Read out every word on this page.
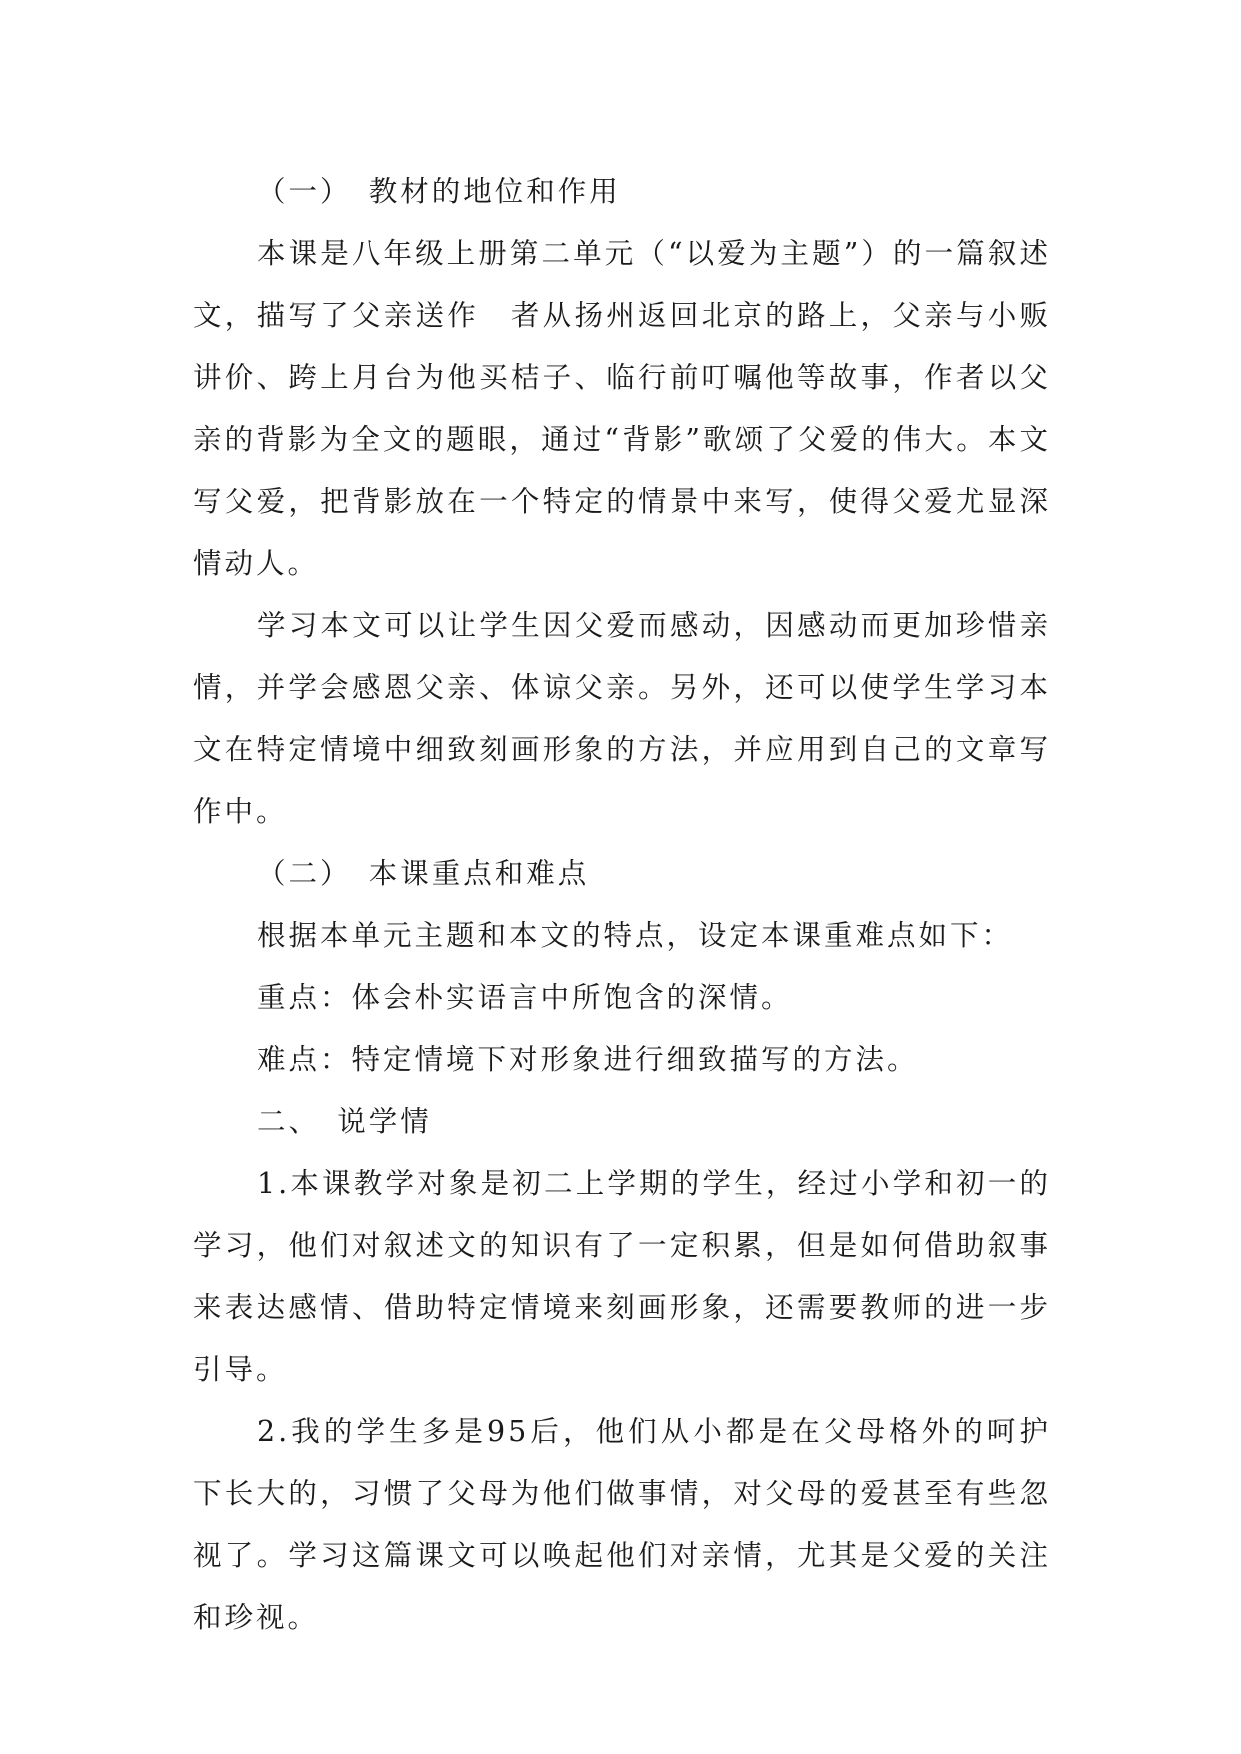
（一）　教材的地位和作用

本课是八年级上册第二单元（“以爱为主题”）的一篇叙述文，描写了父亲送作　者从扬州返回北京的路上，父亲与小贩讲价、跨上月台为他买桔子、临行前叮嘱他等故事，作者以父亲的背影为全文的题眼，通过“背影”歌颂了父爱的伟大。本文写父爱，把背影放在一个特定的情景中来写，使得父爱尤显深情动人。

学习本文可以让学生因父爱而感动，因感动而更加珍惜亲情，并学会感恩父亲、体谅父亲。另外，还可以使学生学习本文在特定情境中细致刻画形象的方法，并应用到自己的文章写作中。

（二）　本课重点和难点

根据本单元主题和本文的特点，设定本课重难点如下：

重点：体会朴实语言中所饱含的深情。

难点：特定情境下对形象进行细致描写的方法。

二、　说学情

1.本课教学对象是初二上学期的学生，经过小学和初一的学习，他们对叙述文的知识有了一定积累，但是如何借助叙事来表达感情、借助特定情境来刻画形象，还需要教师的进一步引导。

2.我的学生多是95后，他们从小都是在父母格外的呵护下长大的，习惯了父母为他们做事情，对父母的爱甚至有些忽视了。学习这篇课文可以唤起他们对亲情，尤其是父爱的关注和珍视。
